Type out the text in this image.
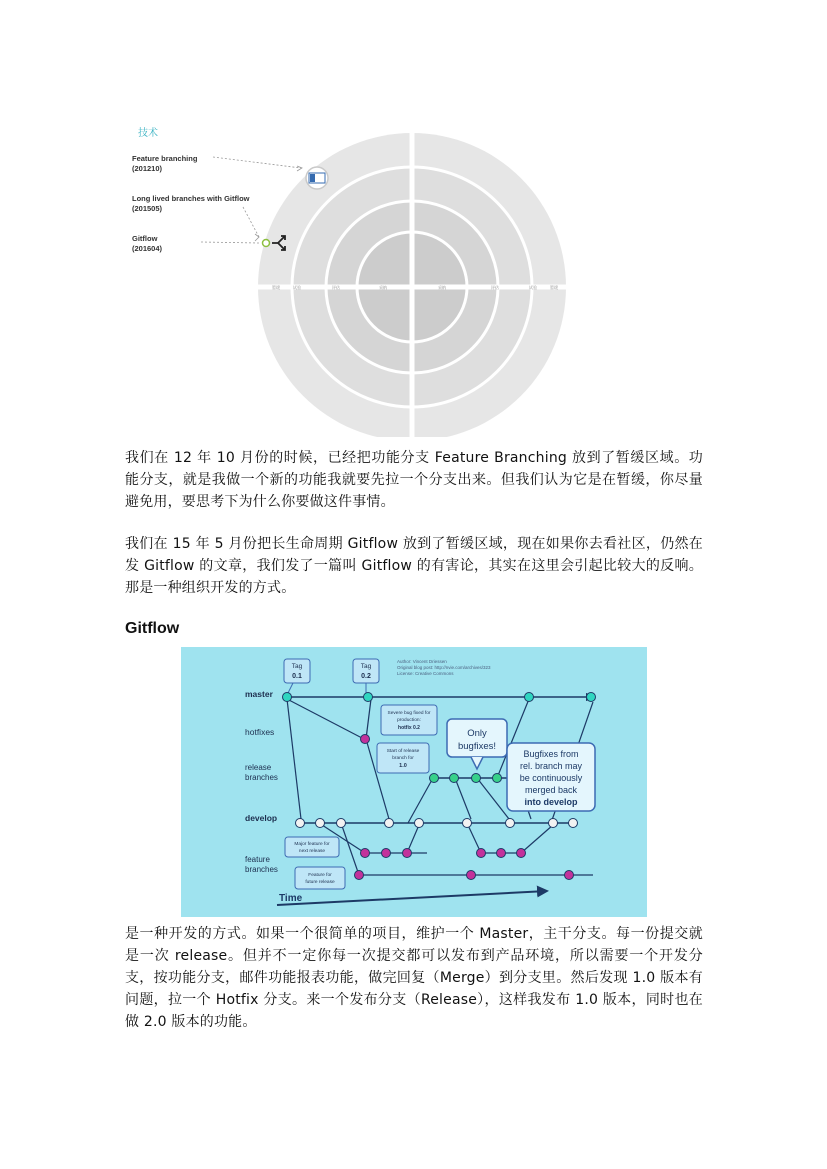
暂缓	试验	评估	采纳	采纳	评估	试验	暂缓
技术
Feature branching
(201210)
Long lived branches with Gitflow
(201505)
Gitflow
(201604)

我们在 12 年 10 月份的时候，已经把功能分支 Feature Branching 放到了暂缓区域。功能分支，就是我做一个新的功能我就要先拉一个分支出来。但我们认为它是在暂缓，你尽量避免用，要思考下为什么你要做这件事情。

我们在 15 年 5 月份把长生命周期 Gitflow 放到了暂缓区域，现在如果你去看社区，仍然在发 Gitflow 的文章，我们发了一篇叫 Gitflow 的有害论，其实在这里会引起比较大的反响。那是一种组织开发的方式。

Gitflow
master
hotfixes
release
branches
develop
feature
branches
Tag
0.1
Tag
0.2
Author: Vincent Driessen
Original blog post: http://nvie.com/archives/323
License: Creative Commons
Severe bug fixed for
production:
hotfix 0.2
Start of release
branch for
1.0
Only
bugfixes!
Bugfixes from
rel. branch may
be continuously
merged back
into develop
Major feature for
next release
Feature for
future release
Time

是一种开发的方式。如果一个很简单的项目，维护一个 Master，主干分支。每一份提交就是一次 release。但并不一定你每一次提交都可以发布到产品环境，所以需要一个开发分支，按功能分支，邮件功能报表功能，做完回复（Merge）到分支里。然后发现 1.0 版本有问题，拉一个 Hotfix 分支。来一个发布分支（Release），这样我发布 1.0 版本，同时也在做 2.0 版本的功能。
